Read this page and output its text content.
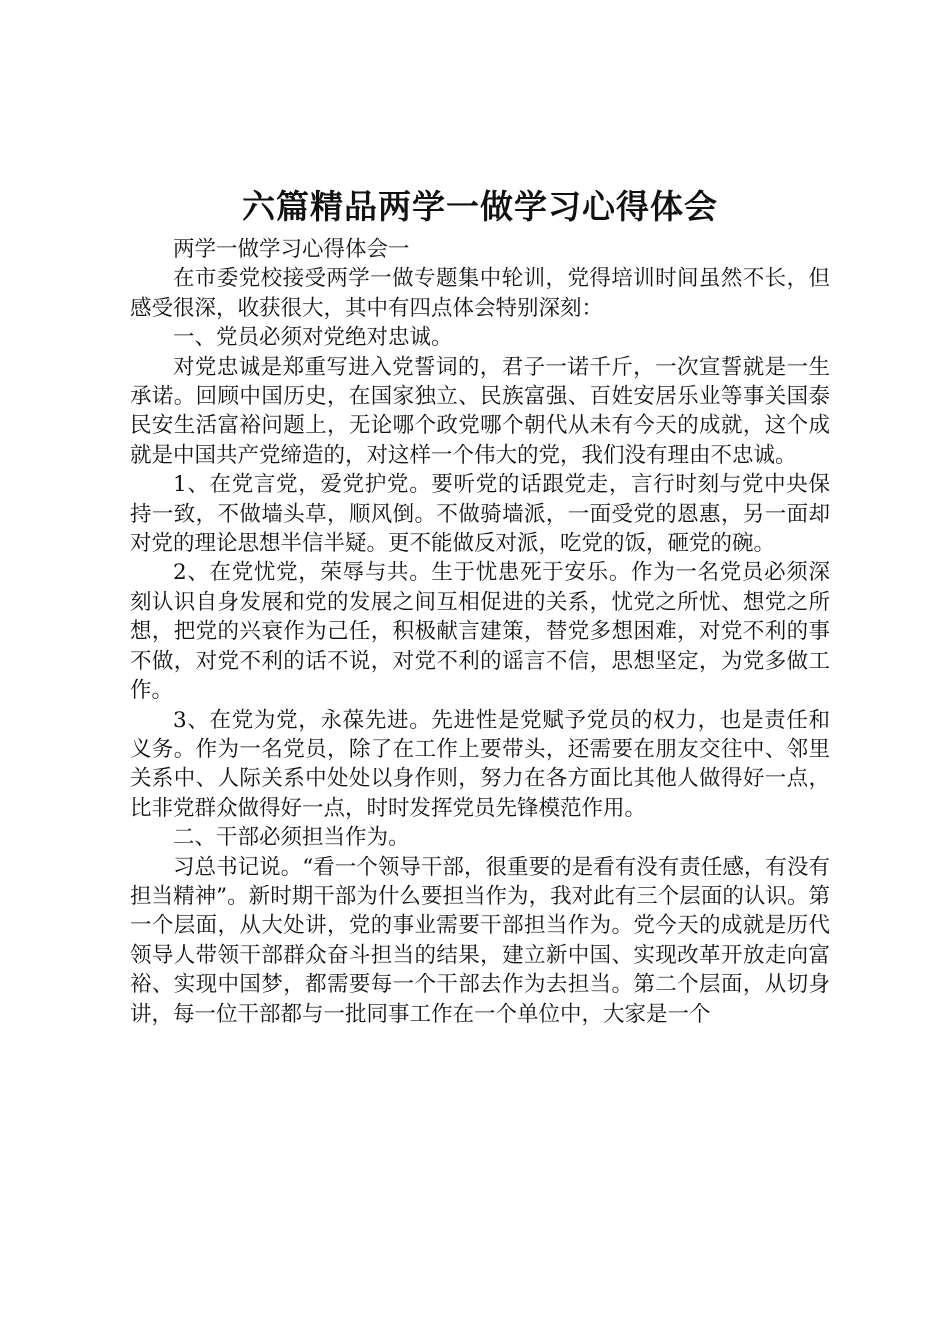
六篇精品两学一做学习心得体会

两学一做学习心得体会一

在市委党校接受两学一做专题集中轮训，党得培训时间虽然不长，但感受很深，收获很大，其中有四点体会特别深刻：

一、党员必须对党绝对忠诚。

对党忠诚是郑重写进入党誓词的，君子一诺千斤，一次宣誓就是一生承诺。回顾中国历史，在国家独立、民族富强、百姓安居乐业等事关国泰民安生活富裕问题上，无论哪个政党哪个朝代从未有今天的成就，这个成就是中国共产党缔造的，对这样一个伟大的党，我们没有理由不忠诚。

1、在党言党，爱党护党。要听党的话跟党走，言行时刻与党中央保持一致，不做墙头草，顺风倒。不做骑墙派，一面受党的恩惠，另一面却对党的理论思想半信半疑。更不能做反对派，吃党的饭，砸党的碗。

2、在党忧党，荣辱与共。生于忧患死于安乐。作为一名党员必须深刻认识自身发展和党的发展之间互相促进的关系，忧党之所忧、想党之所想，把党的兴衰作为己任，积极献言建策，替党多想困难，对党不利的事不做，对党不利的话不说，对党不利的谣言不信，思想坚定，为党多做工作。

3、在党为党，永葆先进。先进性是党赋予党员的权力，也是责任和义务。作为一名党员，除了在工作上要带头，还需要在朋友交往中、邻里关系中、人际关系中处处以身作则，努力在各方面比其他人做得好一点，比非党群众做得好一点，时时发挥党员先锋模范作用。

二、干部必须担当作为。

习总书记说。“看一个领导干部，很重要的是看有没有责任感，有没有担当精神”。新时期干部为什么要担当作为，我对此有三个层面的认识。第一个层面，从大处讲，党的事业需要干部担当作为。党今天的成就是历代领导人带领干部群众奋斗担当的结果，建立新中国、实现改革开放走向富裕、实现中国梦，都需要每一个干部去作为去担当。第二个层面，从切身讲，每一位干部都与一批同事工作在一个单位中，大家是一个
